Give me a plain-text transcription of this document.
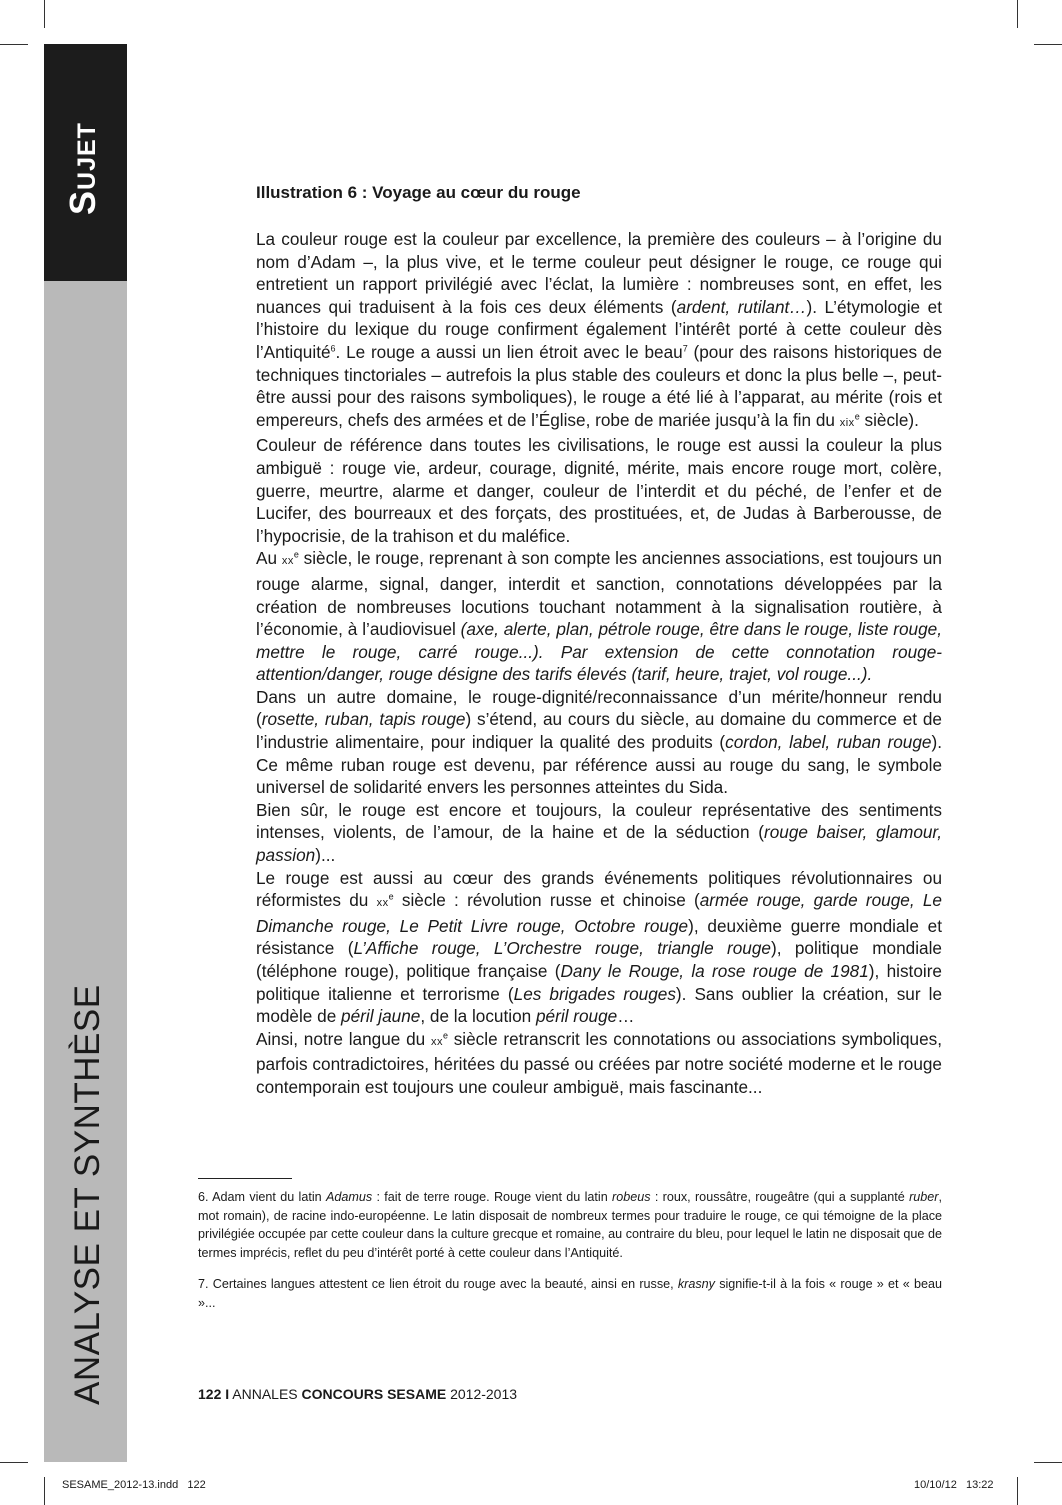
Sujet
ANALYSE ET SYNTHÈSE
Illustration 6 : Voyage au cœur du rouge

La couleur rouge est la couleur par excellence, la première des couleurs – à l’origine du nom d’Adam –, la plus vive, et le terme couleur peut désigner le rouge, ce rouge qui entretient un rapport privilégié avec l’éclat, la lumière : nombreuses sont, en effet, les nuances qui traduisent à la fois ces deux éléments (ardent, rutilant…). L’étymologie et l’histoire du lexique du rouge confirment également l’intérêt porté à cette couleur dès l’Antiquité$^6$. Le rouge a aussi un lien étroit avec le beau$^7$ (pour des raisons historiques de techniques tinctoriales – autrefois la plus stable des couleurs et donc la plus belle –, peut-être aussi pour des raisons symboliques), le rouge a été lié à l’apparat, au mérite (rois et empereurs, chefs des armées et de l’Église, robe de mariée jusqu’à la fin du xix$^e$ siècle).

Couleur de référence dans toutes les civilisations, le rouge est aussi la couleur la plus ambiguë : rouge vie, ardeur, courage, dignité, mérite, mais encore rouge mort, colère, guerre, meurtre, alarme et danger, couleur de l’interdit et du péché, de l’enfer et de Lucifer, des bourreaux et des forçats, des prostituées, et, de Judas à Barberousse, de l’hypocrisie, de la trahison et du maléfice.

Au $xx^e$ siècle, le rouge, reprenant à son compte les anciennes associations, est toujours un rouge alarme, signal, danger, interdit et sanction, connotations développées par la création de nombreuses locutions touchant notamment à la signalisation routière, à l’économie, à l’audiovisuel (axe, alerte, plan, pétrole rouge, être dans le rouge, liste rouge, mettre le rouge, carré rouge...). Par extension de cette connotation rouge-attention/danger, rouge désigne des tarifs élevés (tarif, heure, trajet, vol rouge...).

Dans un autre domaine, le rouge-dignité/reconnaissance d’un mérite/honneur rendu (rosette, ruban, tapis rouge) s’étend, au cours du siècle, au domaine du commerce et de l’industrie alimentaire, pour indiquer la qualité des produits (cordon, label, ruban rouge). Ce même ruban rouge est devenu, par référence aussi au rouge du sang, le symbole universel de solidarité envers les personnes atteintes du Sida.

Bien sûr, le rouge est encore et toujours, la couleur représentative des sentiments intenses, violents, de l’amour, de la haine et de la séduction (rouge baiser, glamour, passion)...

Le rouge est aussi au cœur des grands événements politiques révolutionnaires ou réformistes du $xx^e$ siècle : révolution russe et chinoise (armée rouge, garde rouge, Le Dimanche rouge, Le Petit Livre rouge, Octobre rouge), deuxième guerre mondiale et résistance (L’Affiche rouge, L’Orchestre rouge, triangle rouge), politique mondiale (téléphone rouge), politique française (Dany le Rouge, la rose rouge de 1981), histoire politique italienne et terrorisme (Les brigades rouges). Sans oublier la création, sur le modèle de péril jaune, de la locution péril rouge…

Ainsi, notre langue du $xx^e$ siècle retranscrit les connotations ou associations symboliques, parfois contradictoires, héritées du passé ou créées par notre société moderne et le rouge contemporain est toujours une couleur ambiguë, mais fascinante...

6. Adam vient du latin Adamus : fait de terre rouge. Rouge vient du latin robeus : roux, roussâtre, rougeâtre (qui a supplanté ruber, mot romain), de racine indo-européenne. Le latin disposait de nombreux termes pour traduire le rouge, ce qui témoigne de la place privilégiée occupée par cette couleur dans la culture grecque et romaine, au contraire du bleu, pour lequel le latin ne disposait que de termes imprécis, reflet du peu d’intérêt porté à cette couleur dans l’Antiquité.

7. Certaines langues attestent ce lien étroit du rouge avec la beauté, ainsi en russe, krasny signifie-t-il à la fois « rouge » et « beau »...

122 I ANNALES CONCOURS SESAME 2012-2013
SESAME_2012-13.indd   122	10/10/12   13:22
